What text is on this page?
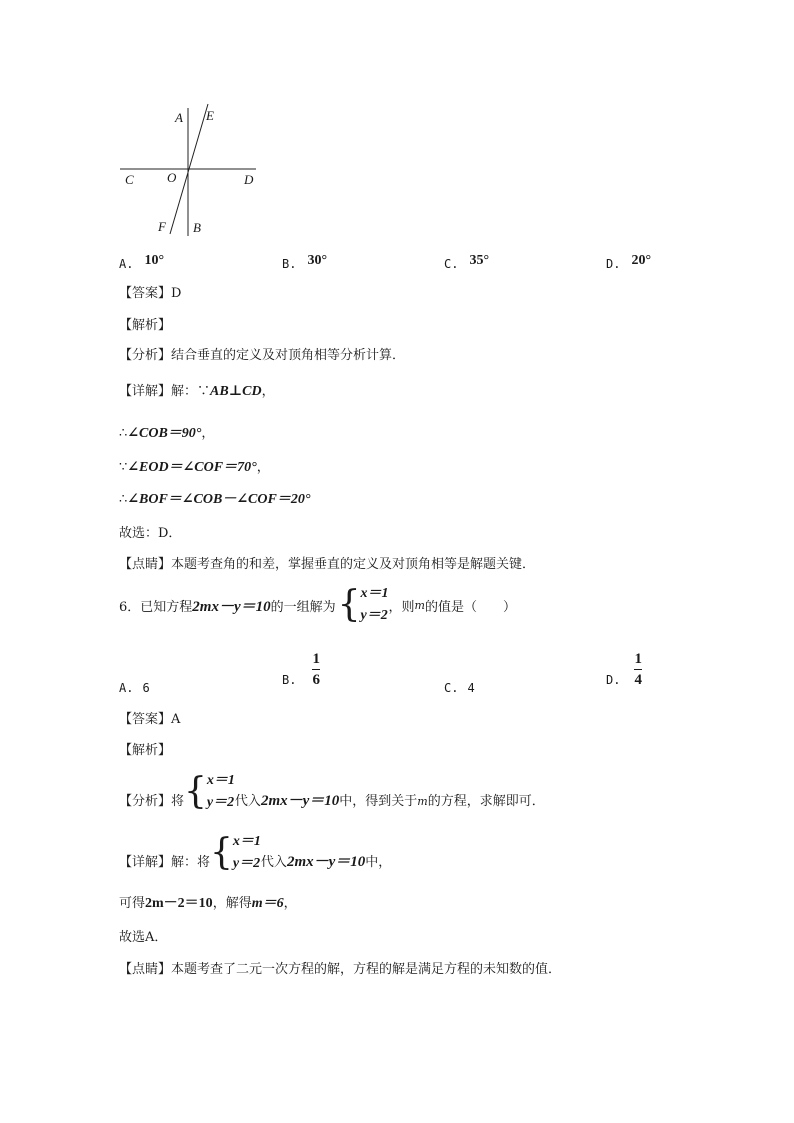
A E
C	O	D
F B
$_{A.}$ 10°	$_{B.}$ 30°	$_{C.}$ 35°	$_{D.}$ 20°
【答案】D
【解析】
【分析】结合垂直的定义及对顶角相等分析计算．
【详解】解：∵AB⊥CD，
∴∠COB＝90°，
∵∠EOD＝∠COF＝70°，
∴∠BOF＝∠COB－∠COF＝20°
故选：D．
【点睛】本题考查角的和差，掌握垂直的定义及对顶角相等是解题关键．
6．已知方程 2mx－y＝10 的一组解为 { x＝1
y＝2
，则 m 的值是（　　）
A. 6
B. $\frac{1}{6}$	C. 4
D. $\frac{1}{4}$
【答案】A
【解析】
【分析】将 { x＝1
y＝2 代入2mx－y＝10中，得到关于m的方程，求解即可．
【详解】解：将 { x＝1
y＝2 代入2mx－y＝10中，
可得2m－2＝10，解得m＝6，
故选A．
【点睛】本题考查了二元一次方程的解，方程的解是满足方程的未知数的值．
